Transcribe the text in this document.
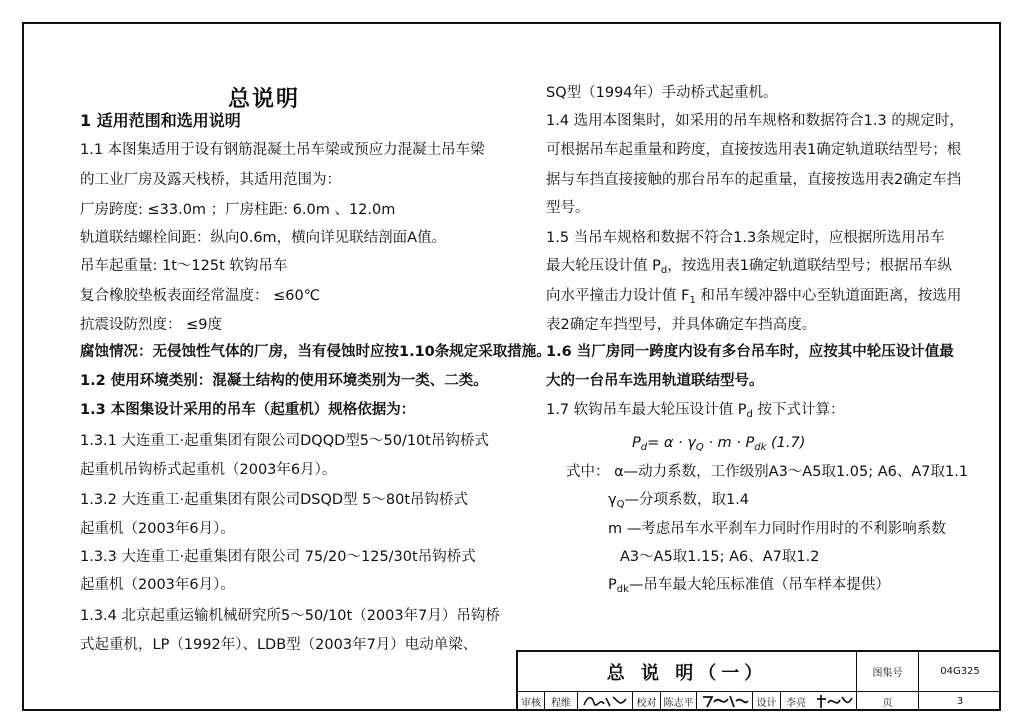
总说明
1 适用范围和选用说明
1.1 本图集适用于设有钢筋混凝土吊车梁或预应力混凝土吊车梁
的工业厂房及露天栈桥，其适用范围为：
厂房跨度: ≤33.0m ；厂房柱距: 6.0m 、12.0m
轨道联结螺栓间距：纵向0.6m，横向详见联结剖面A值。
吊车起重量: 1t～125t 软钩吊车
复合橡胶垫板表面经常温度： ≤60℃
抗震设防烈度： ≤9度
腐蚀情况：无侵蚀性气体的厂房，当有侵蚀时应按1.10条规定采取措施。
1.2 使用环境类别：混凝土结构的使用环境类别为一类、二类。
1.3 本图集设计采用的吊车（起重机）规格依据为：
1.3.1 大连重工·起重集团有限公司DQQD型5～50/10t吊钩桥式
起重机吊钩桥式起重机（2003年6月）。
1.3.2 大连重工·起重集团有限公司DSQD型 5～80t吊钩桥式
起重机（2003年6月）。
1.3.3 大连重工·起重集团有限公司 75/20～125/30t吊钩桥式
起重机（2003年6月）。
1.3.4 北京起重运输机械研究所5～50/10t（2003年7月）吊钩桥
式起重机，LP（1992年）、LDB型（2003年7月）电动单梁、
SQ型（1994年）手动桥式起重机。
1.4 选用本图集时，如采用的吊车规格和数据符合1.3 的规定时，
可根据吊车起重量和跨度，直接按选用表1确定轨道联结型号；根
据与车挡直接接触的那台吊车的起重量，直接按选用表2确定车挡
型号。
1.5 当吊车规格和数据不符合1.3条规定时，应根据所选用吊车
最大轮压设计值 $P_d$，按选用表1确定轨道联结型号；根据吊车纵
向水平撞击力设计值 $F_1$ 和吊车缓冲器中心至轨道面距离，按选用
表2确定车挡型号，并具体确定车挡高度。
1.6 当厂房同一跨度内设有多台吊车时，应按其中轮压设计值最
大的一台吊车选用轨道联结型号。
1.7 软钩吊车最大轮压设计值 $P_d$ 按下式计算：
$P_d= \alpha \cdot \gamma_Q \cdot m \cdot P_{dk}$ (1.7)
式中： α—动力系数，工作级别A3～A5取1.05; A6、A7取1.1
$\gamma_Q—$分项系数，取1.4
m —考虑吊车水平刹车力同时作用时的不利影响系数
A3～A5取1.15; A6、A7取1.2
$P_{dk}—$吊车最大轮压标准值（吊车样本提供）
总 说 明（一）	图集号	04G325
页	3
审核	程维	校对 陈志平	设计 李亮
